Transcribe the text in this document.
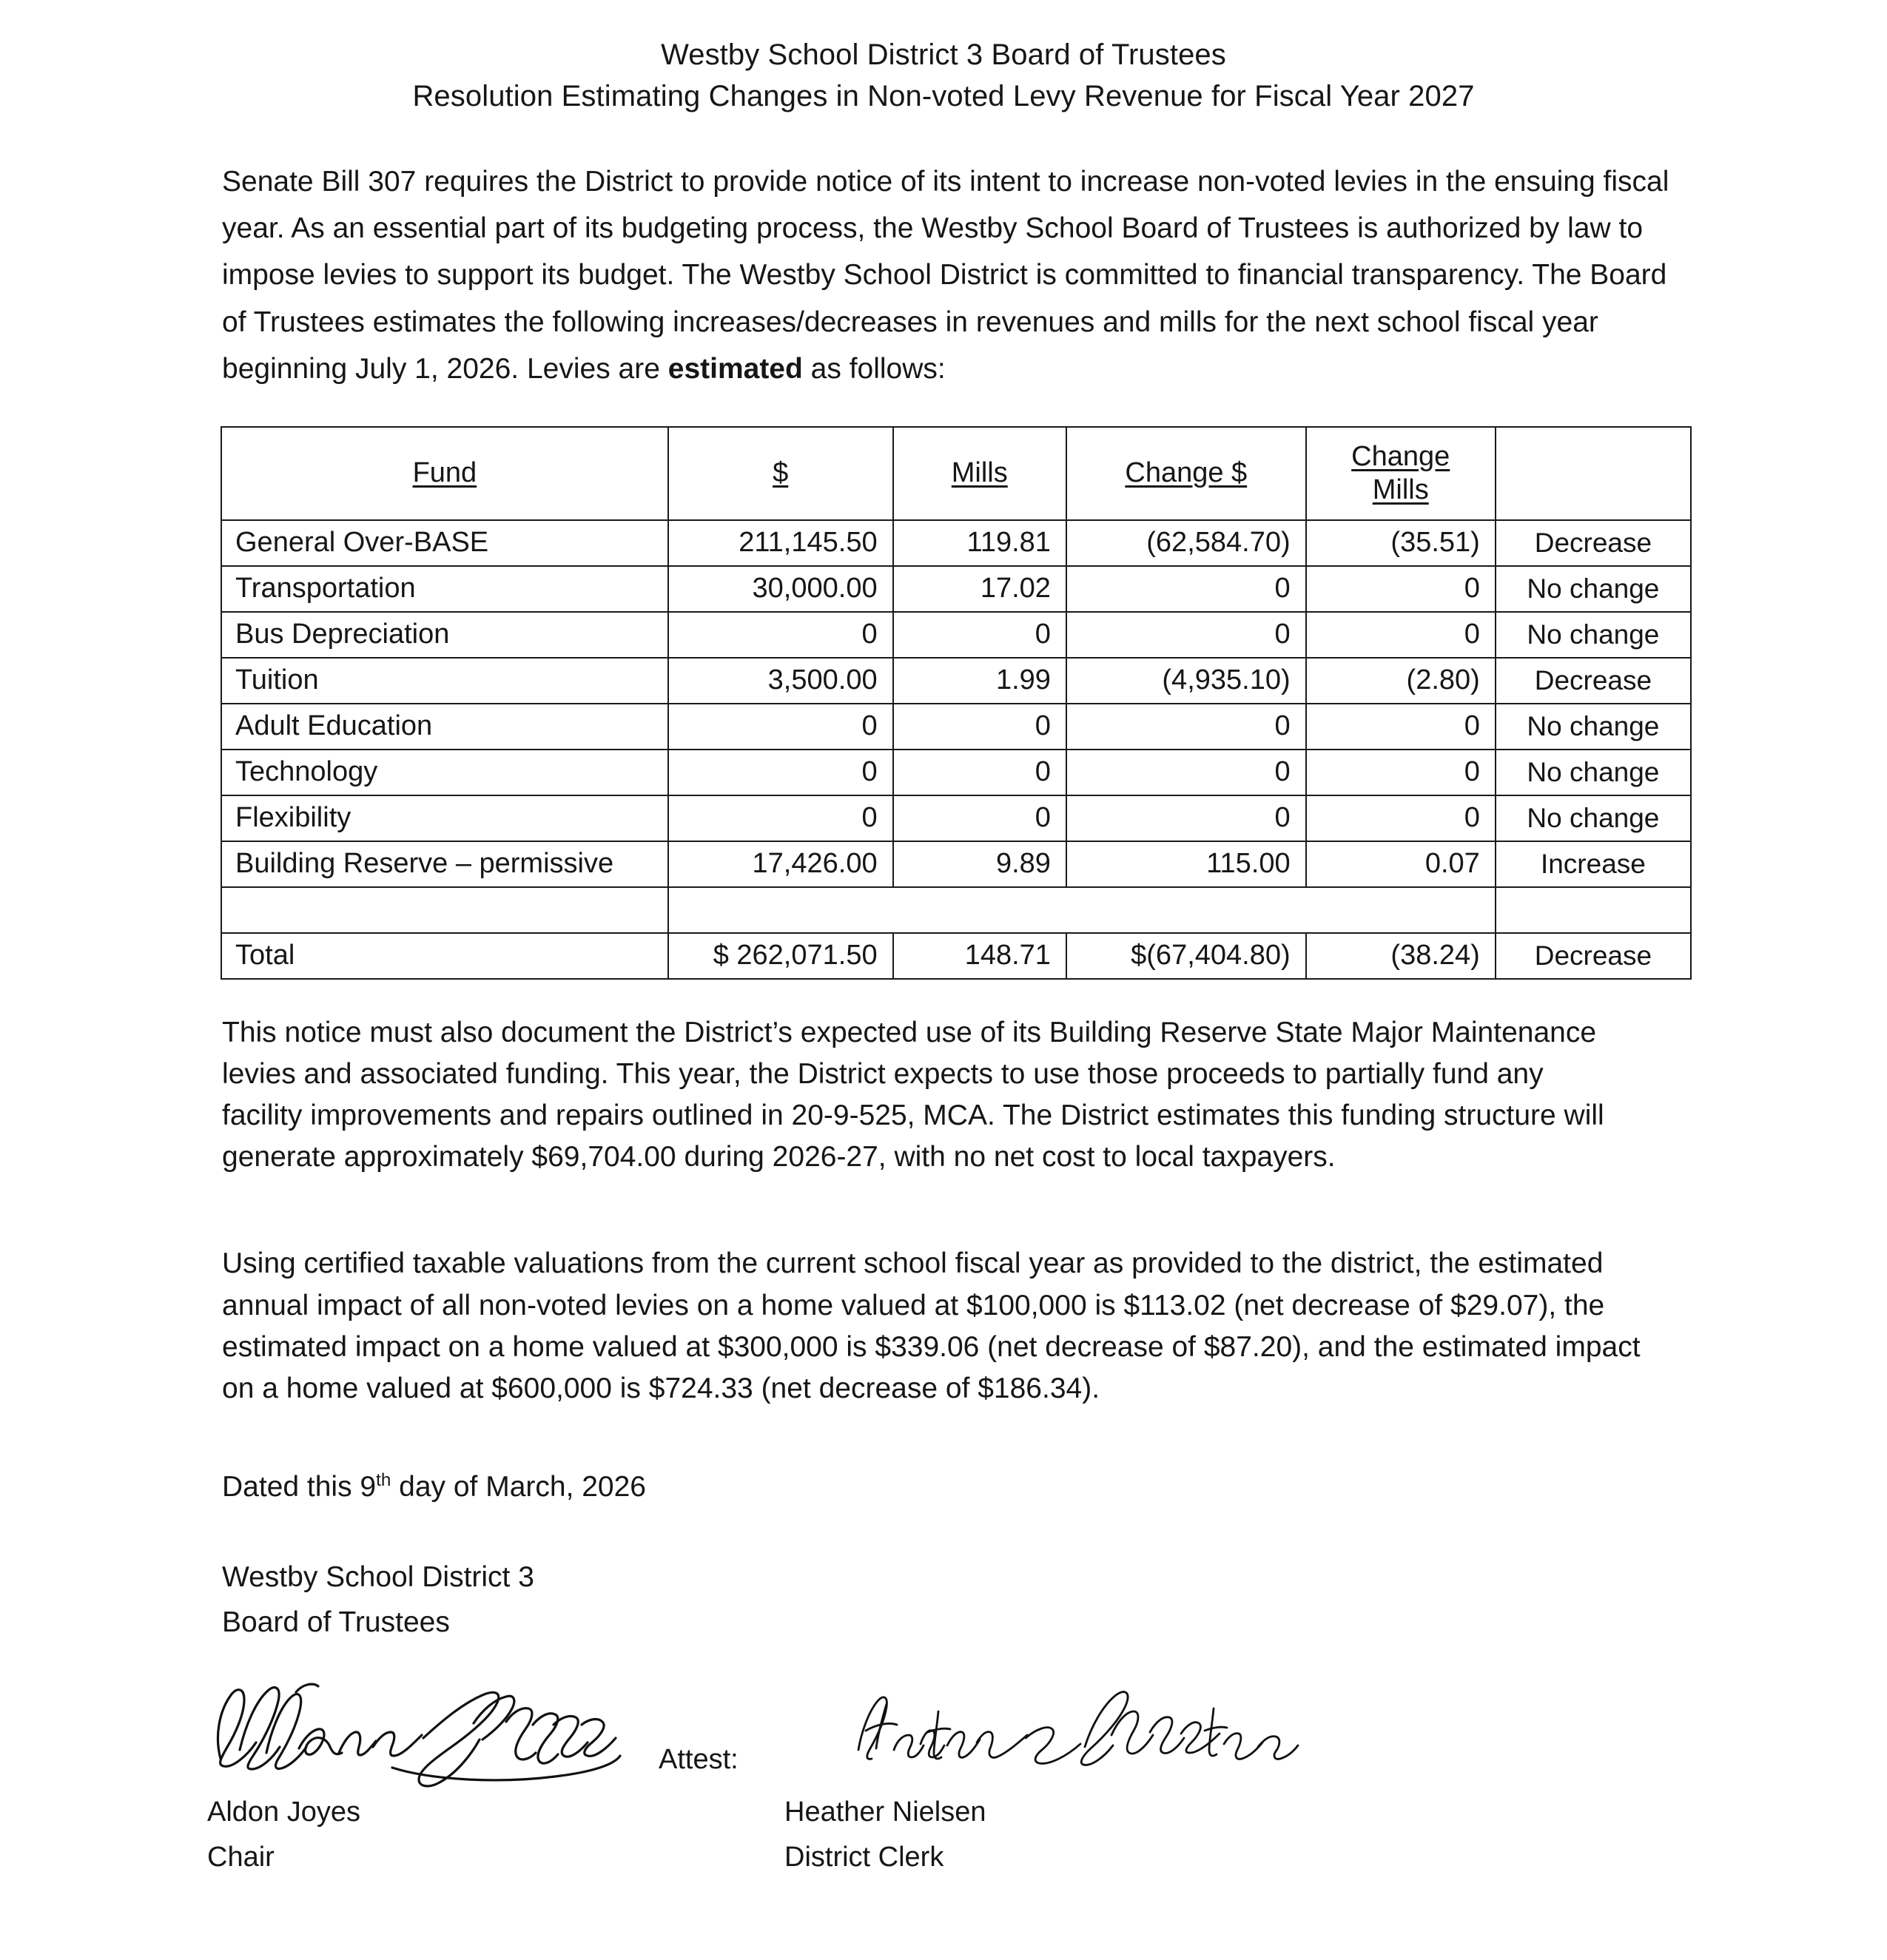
Westby School District 3 Board of Trustees
Resolution Estimating Changes in Non-voted Levy Revenue for Fiscal Year 2027

Senate Bill 307 requires the District to provide notice of its intent to increase non-voted levies in the ensuing fiscal year. As an essential part of its budgeting process, the Westby School Board of Trustees is authorized by law to impose levies to support its budget. The Westby School District is committed to financial transparency. The Board of Trustees estimates the following increases/decreases in revenues and mills for the next school fiscal year beginning July 1, 2026. Levies are estimated as follows:

Fund	$	Mills	Change $	Change
Mills	

General Over-BASE	211,145.50	119.81	(62,584.70)	(35.51)	Decrease
Transportation	30,000.00	17.02	0	0	No change
Bus Depreciation	0	0	0	0	No change
Tuition	3,500.00	1.99	(4,935.10)	(2.80)	Decrease
Adult Education	0	0	0	0	No change
Technology	0	0	0	0	No change
Flexibility	0	0	0	0	No change
Building Reserve – permissive	17,426.00	9.89	115.00	0.07	Increase

Total	$ 262,071.50	148.71	$(67,404.80)	(38.24)	Decrease

This notice must also document the District’s expected use of its Building Reserve State Major Maintenance levies and associated funding. This year, the District expects to use those proceeds to partially fund any facility improvements and repairs outlined in 20-9-525, MCA. The District estimates this funding structure will generate approximately $69,704.00 during 2026-27, with no net cost to local taxpayers.

Using certified taxable valuations from the current school fiscal year as provided to the district, the estimated annual impact of all non-voted levies on a home valued at $100,000 is $113.02 (net decrease of $29.07), the estimated impact on a home valued at $300,000 is $339.06 (net decrease of $87.20), and the estimated impact on a home valued at $600,000 is $724.33 (net decrease of $186.34).

Dated this 9th day of March, 2026

Westby School District 3
Board of Trustees

Aldon Joyes
Chair
Attest:
Heather Nielsen
District Clerk
